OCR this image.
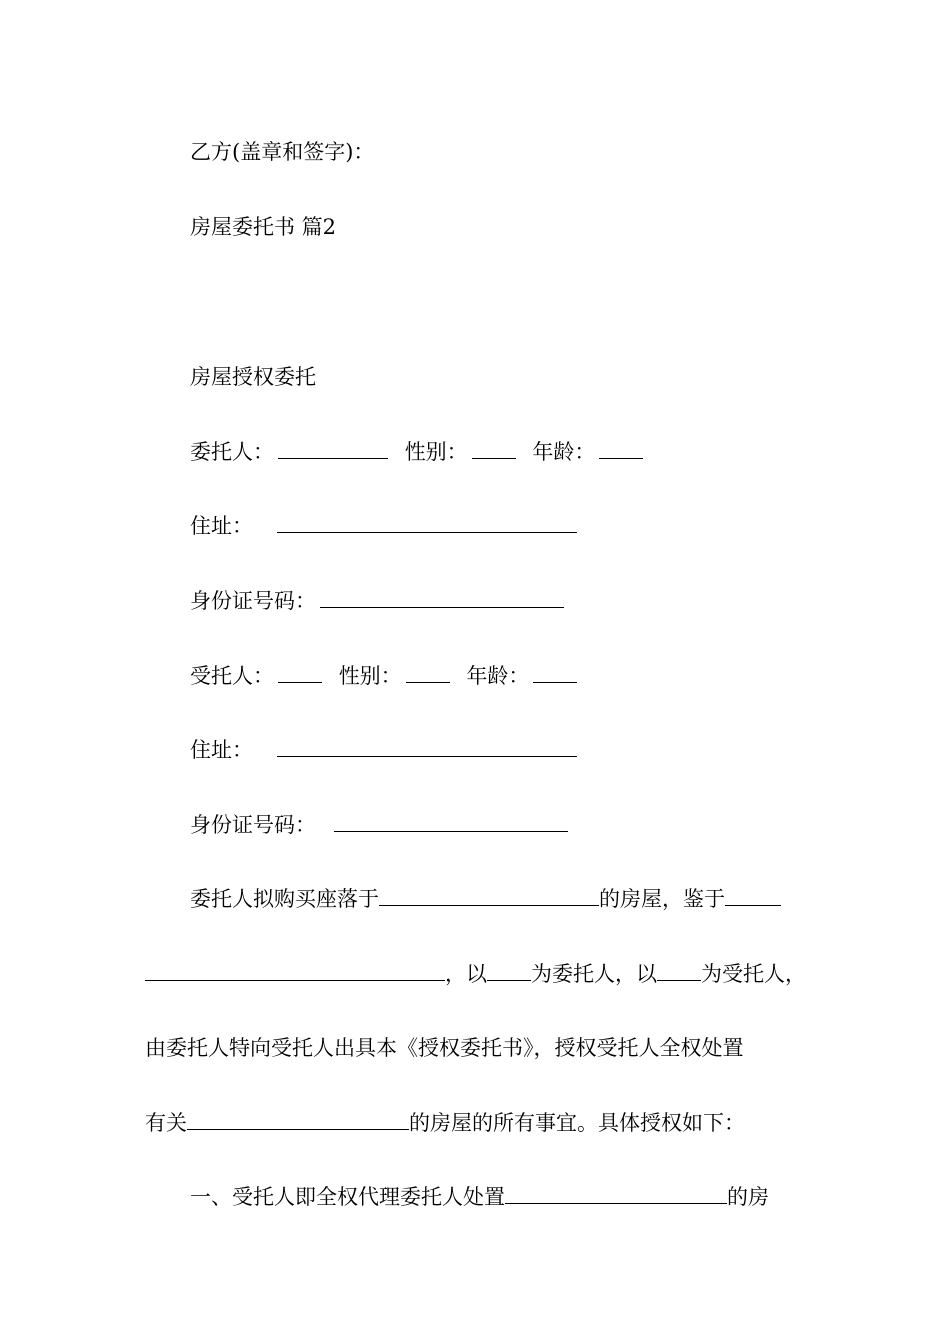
乙方(盖章和签字)：
房屋委托书 篇2
房屋授权委托
委托人：	性别：	年龄：
住址：
身份证号码：
受托人：	性别：	年龄：
住址：
身份证号码：
委托人拟购买座落于	的房屋，鉴于
，以 为委托人，以 为受托人，
由委托人特向受托人出具本《授权委托书》，授权受托人全权处置
有关	的房屋的所有事宜。具体授权如下：
一、受托人即全权代理委托人处置	的房
